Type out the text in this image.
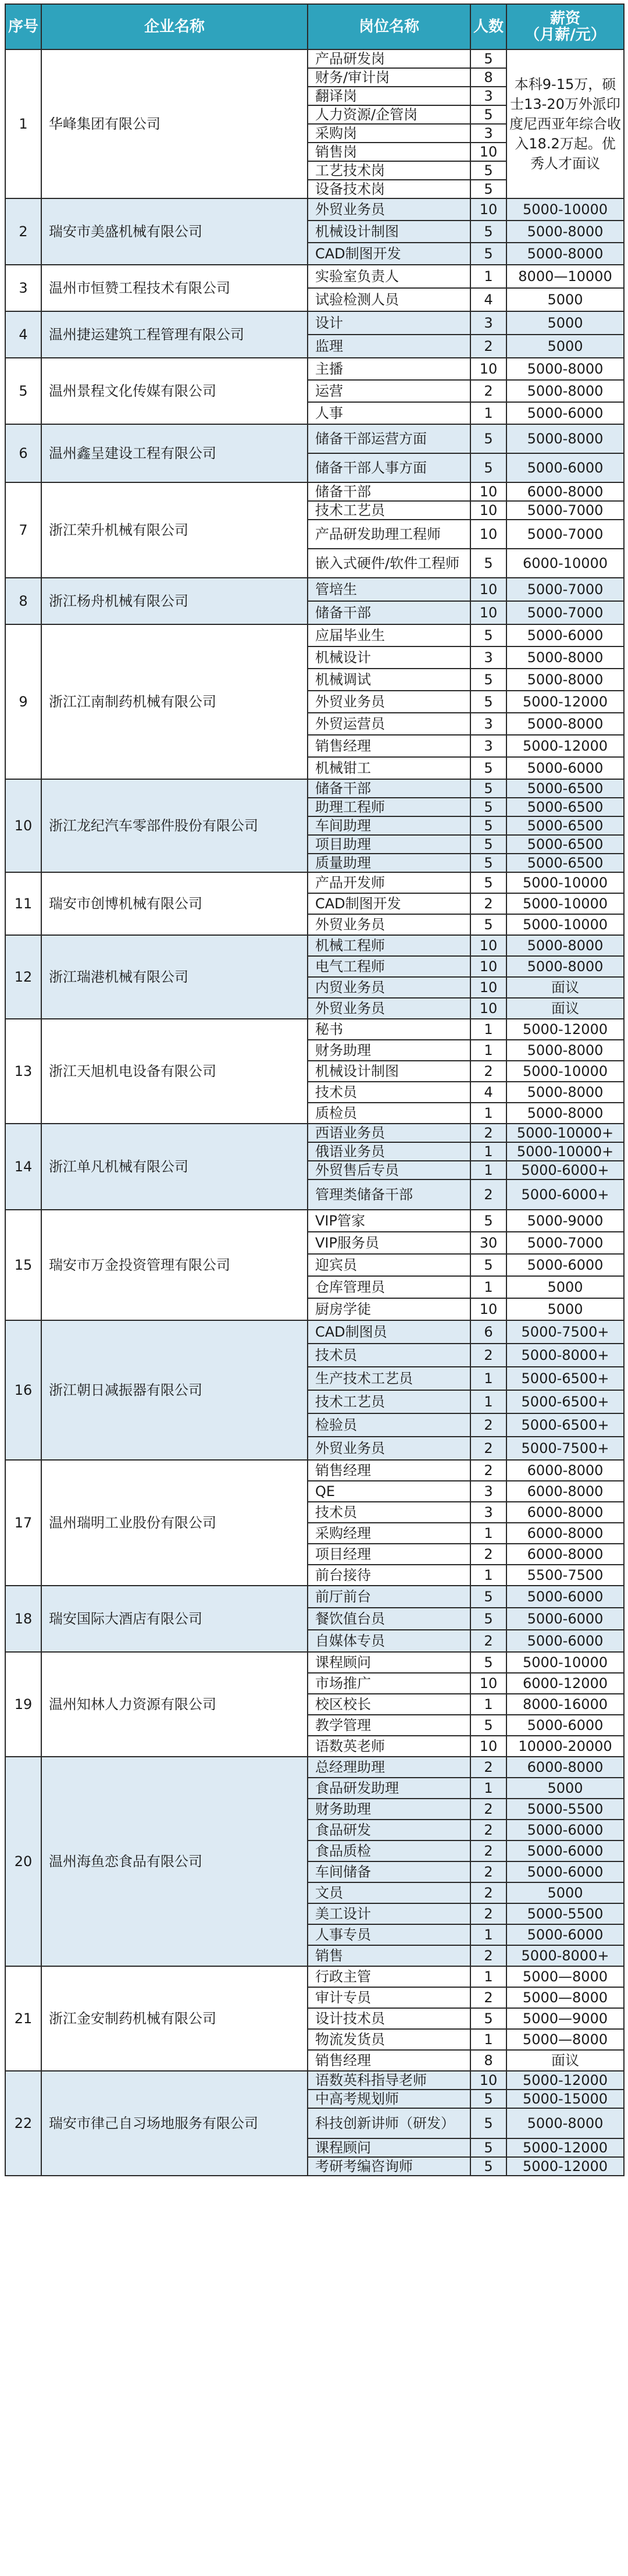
序号	企业名称	岗位名称	人数	薪资
（月薪/元）
1	华峰集团有限公司	产品研发岗	5	本科9-15万，硕士13-20万外派印度尼西亚年综合收入18.2万起。优秀人才面议
		财务/审计岗	8	
		翻译岗	3	
		人力资源/企管岗	5	
		采购岗	3	
		销售岗	10	
		工艺技术岗	5	
		设备技术岗	5	
2	瑞安市美盛机械有限公司	外贸业务员	10	5000-10000
		机械设计制图	5	5000-8000
		CAD制图开发	5	5000-8000
3	温州市恒赞工程技术有限公司	实验室负责人	1	8000—10000
		试验检测人员	4	5000
4	温州捷运建筑工程管理有限公司	设计	3	5000
		监理	2	5000
5	温州景程文化传媒有限公司	主播	10	5000-8000
		运营	2	5000-8000
		人事	1	5000-6000
6	温州鑫呈建设工程有限公司	储备干部运营方面	5	5000-8000
		储备干部人事方面	5	5000-6000
7	浙江荣升机械有限公司	储备干部	10	6000-8000
		技术工艺员	10	5000-7000
		产品研发助理工程师	10	5000-7000
		嵌入式硬件/软件工程师	5	6000-10000
8	浙江杨舟机械有限公司	管培生	10	5000-7000
		储备干部	10	5000-7000
9	浙江江南制药机械有限公司	应届毕业生	5	5000-6000
		机械设计	3	5000-8000
		机械调试	5	5000-8000
		外贸业务员	5	5000-12000
		外贸运营员	3	5000-8000
		销售经理	3	5000-12000
		机械钳工	5	5000-6000
10	浙江龙纪汽车零部件股份有限公司	储备干部	5	5000-6500
		助理工程师	5	5000-6500
		车间助理	5	5000-6500
		项目助理	5	5000-6500
		质量助理	5	5000-6500
11	瑞安市创博机械有限公司	产品开发师	5	5000-10000
		CAD制图开发	2	5000-10000
		外贸业务员	5	5000-10000
12	浙江瑞港机械有限公司	机械工程师	10	5000-8000
		电气工程师	10	5000-8000
		内贸业务员	10	面议
		外贸业务员	10	面议
13	浙江天旭机电设备有限公司	秘书	1	5000-12000
		财务助理	1	5000-8000
		机械设计制图	2	5000-10000
		技术员	4	5000-8000
		质检员	1	5000-8000
14	浙江单凡机械有限公司	西语业务员	2	5000-10000+
		俄语业务员	1	5000-10000+
		外贸售后专员	1	5000-6000+
		管理类储备干部	2	5000-6000+
15	瑞安市万金投资管理有限公司	VIP管家	5	5000-9000
		VIP服务员	30	5000-7000
		迎宾员	5	5000-6000
		仓库管理员	1	5000
		厨房学徒	10	5000
16	浙江朝日减振器有限公司	CAD制图员	6	5000-7500+
		技术员	2	5000-8000+
		生产技术工艺员	1	5000-6500+
		技术工艺员	1	5000-6500+
		检验员	2	5000-6500+
		外贸业务员	2	5000-7500+
17	温州瑞明工业股份有限公司	销售经理	2	6000-8000
		QE	3	6000-8000
		技术员	3	6000-8000
		采购经理	1	6000-8000
		项目经理	2	6000-8000
		前台接待	1	5500-7500
18	瑞安国际大酒店有限公司	前厅前台	5	5000-6000
		餐饮值台员	5	5000-6000
		自媒体专员	2	5000-6000
19	温州知林人力资源有限公司	课程顾问	5	5000-10000
		市场推广	10	6000-12000
		校区校长	1	8000-16000
		教学管理	5	5000-6000
		语数英老师	10	10000-20000
20	温州海鱼恋食品有限公司	总经理助理	2	6000-8000
		食品研发助理	1	5000
		财务助理	2	5000-5500
		食品研发	2	5000-6000
		食品质检	2	5000-6000
		车间储备	2	5000-6000
		文员	2	5000
		美工设计	2	5000-5500
		人事专员	1	5000-6000
		销售	2	5000-8000+
21	浙江金安制药机械有限公司	行政主管	1	5000—8000
		审计专员	2	5000—8000
		设计技术员	5	5000—9000
		物流发货员	1	5000—8000
		销售经理	8	面议
22	瑞安市律己自习场地服务有限公司	语数英科指导老师	10	5000-12000
		中高考规划师	5	5000-15000
		科技创新讲师（研发）	5	5000-8000
		课程顾问	5	5000-12000
		考研考编咨询师	5	5000-12000
